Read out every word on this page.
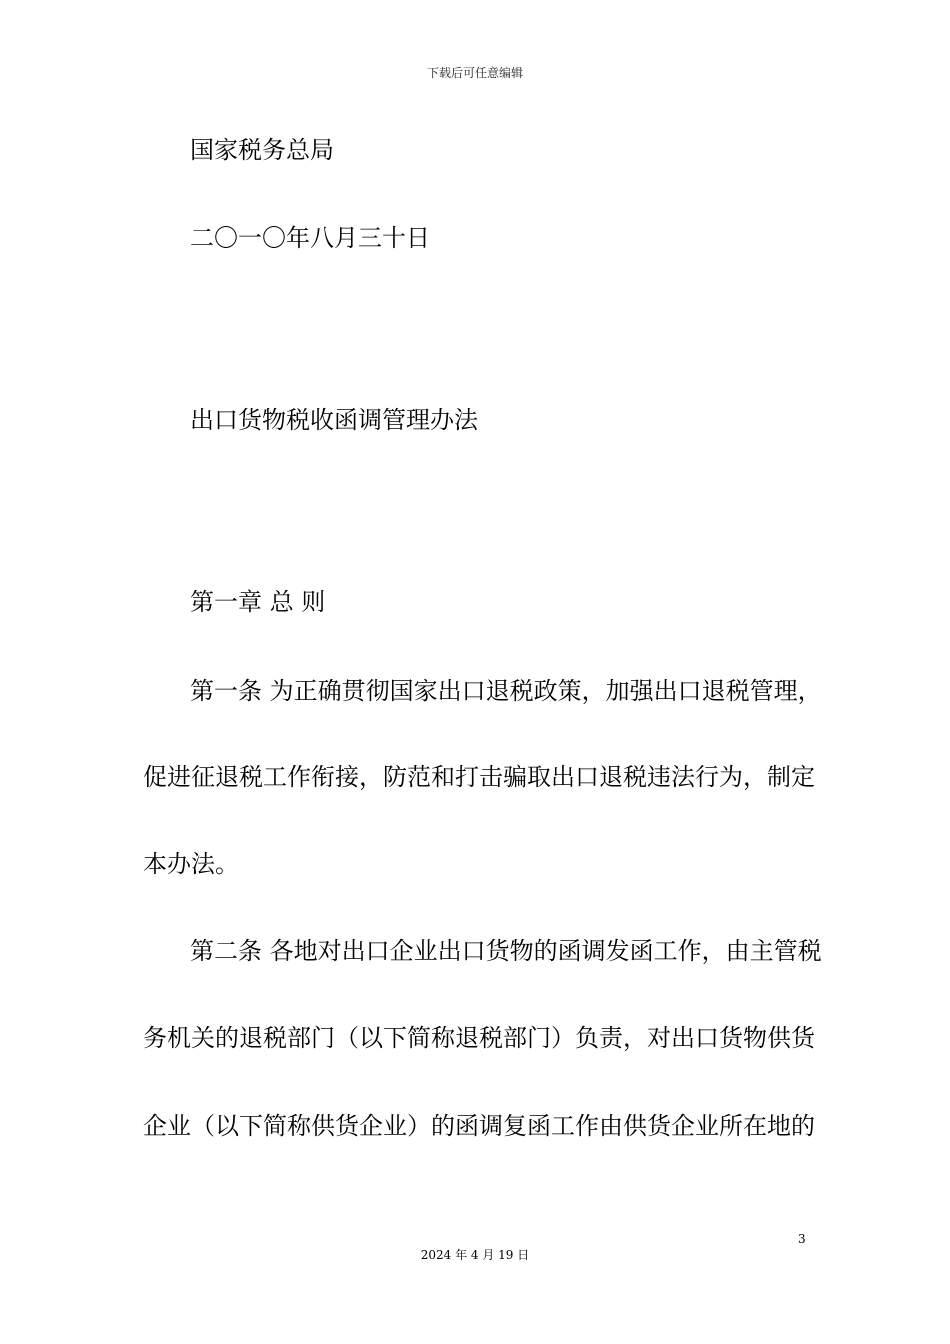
下载后可任意编辑
国家税务总局
二〇一〇年八月三十日
出口货物税收函调管理办法
第一章 总 则
第一条 为正确贯彻国家出口退税政策，加强出口退税管理，
促进征退税工作衔接，防范和打击骗取出口退税违法行为，制定
本办法。
第二条 各地对出口企业出口货物的函调发函工作，由主管税
务机关的退税部门（以下简称退税部门）负责，对出口货物供货
企业（以下简称供货企业）的函调复函工作由供货企业所在地的
3
2024 年 4 月 19 日
